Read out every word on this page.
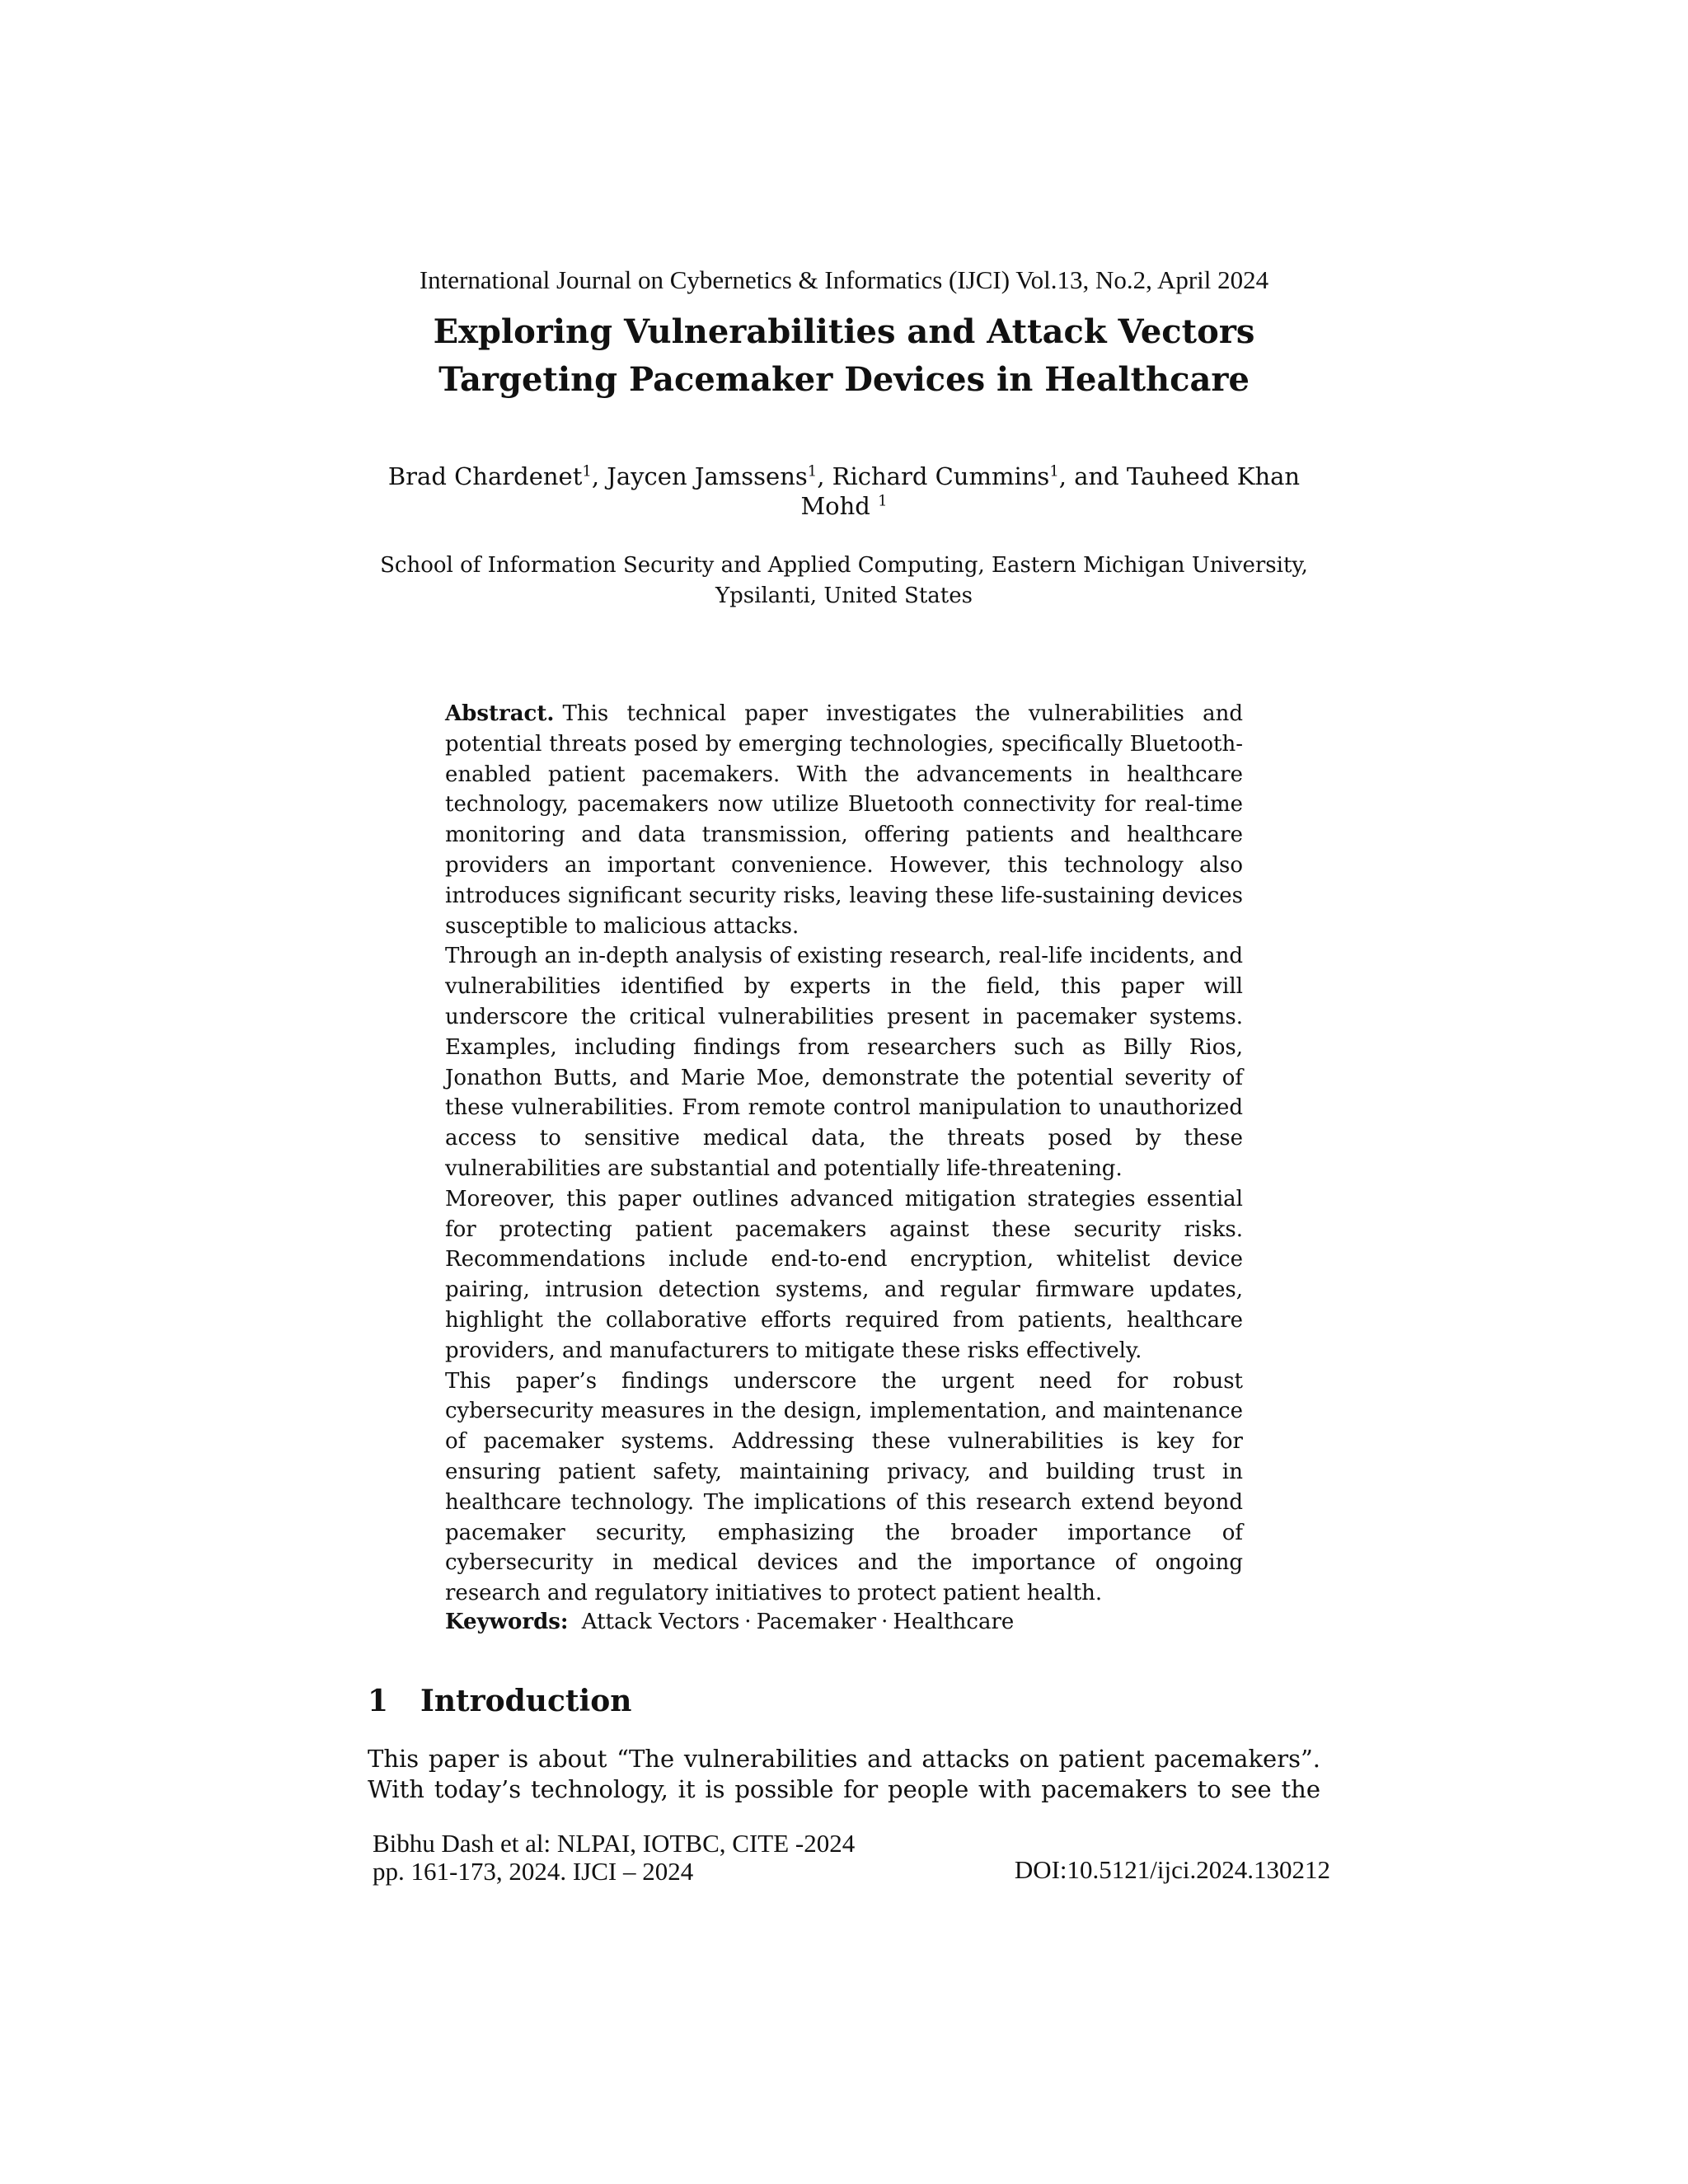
International Journal on Cybernetics & Informatics (IJCI) Vol.13, No.2, April 2024
Exploring Vulnerabilities and Attack Vectors
Targeting Pacemaker Devices in Healthcare
Brad Chardenet$^1$, Jaycen Jamssens$^1$, Richard Cummins$^1$, and Tauheed Khan
Mohd $^1$
School of Information Security and Applied Computing, Eastern Michigan University,
Ypsilanti, United States
Abstract. This technical paper investigates the vulnerabilities and potential threats posed by emerging technologies, specifically Bluetooth-enabled patient pacemakers. With the advancements in healthcare technology, pacemakers now utilize Bluetooth connectivity for real-time monitoring and data transmission, offering patients and healthcare providers an important convenience. However, this technology also introduces significant security risks, leaving these life-sustaining devices susceptible to malicious attacks.
Through an in-depth analysis of existing research, real-life incidents, and vulnerabilities identified by experts in the field, this paper will underscore the critical vulnerabilities present in pacemaker systems. Examples, including findings from researchers such as Billy Rios, Jonathon Butts, and Marie Moe, demonstrate the potential severity of these vulnerabilities. From remote control manipulation to unauthorized access to sensitive medical data, the threats posed by these vulnerabilities are substantial and potentially life-threatening.
Moreover, this paper outlines advanced mitigation strategies essential for protecting patient pacemakers against these security risks. Recommendations include end-to-end encryption, whitelist device pairing, intrusion detection systems, and regular firmware updates, highlight the collaborative efforts required from patients, healthcare providers, and manufacturers to mitigate these risks effectively.
This paper’s findings underscore the urgent need for robust cybersecurity measures in the design, implementation, and maintenance of pacemaker systems. Addressing these vulnerabilities is key for ensuring patient safety, maintaining privacy, and building trust in healthcare technology. The implications of this research extend beyond pacemaker security, emphasizing the broader importance of cybersecurity in medical devices and the importance of ongoing research and regulatory initiatives to protect patient health.
Keywords: Attack Vectors · Pacemaker · Healthcare
1 Introduction
This paper is about “The vulnerabilities and attacks on patient pacemakers”.
With today’s technology, it is possible for people with pacemakers to see the
Bibhu Dash et al: NLPAI, IOTBC, CITE -2024
pp. 161-173, 2024. IJCI – 2024	DOI:10.5121/ijci.2024.130212
